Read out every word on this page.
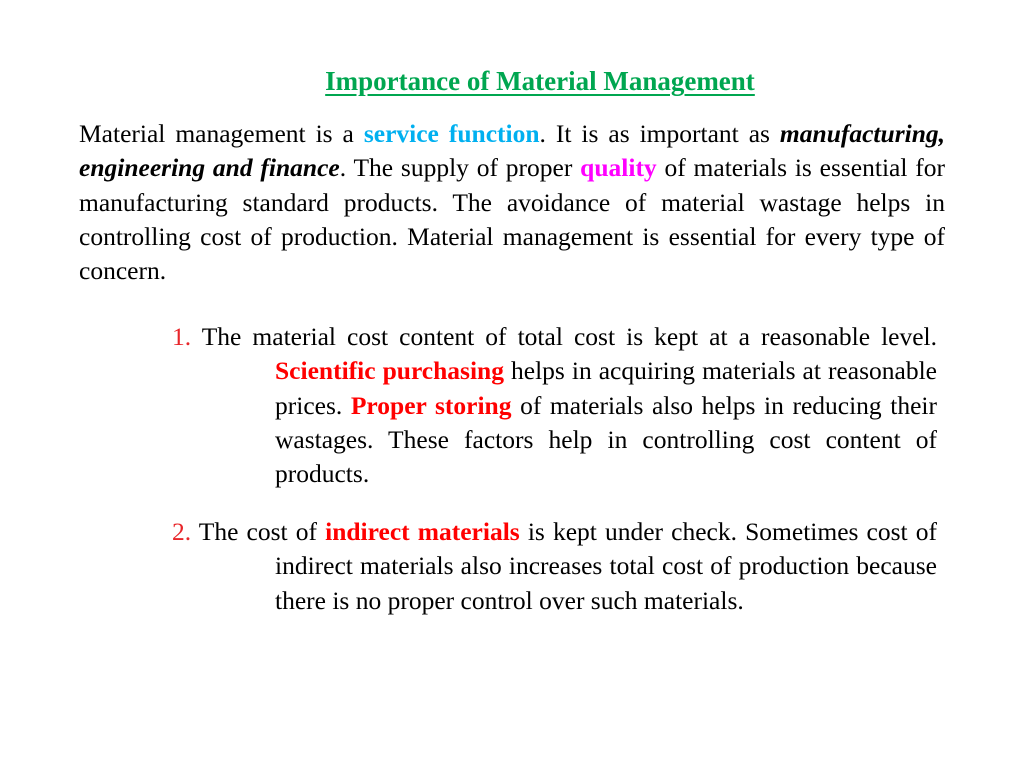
Importance of Material Management
Material management is a service function. It is as important as manufacturing, engineering and finance. The supply of proper quality of materials is essential for manufacturing standard products. The avoidance of material wastage helps in controlling cost of production. Material management is essential for every type of concern.
1. The material cost content of total cost is kept at a reasonable level. Scientific purchasing helps in acquiring materials at reasonable prices. Proper storing of materials also helps in reducing their wastages. These factors help in controlling cost content of products.
2. The cost of indirect materials is kept under check. Sometimes cost of indirect materials also increases total cost of production because there is no proper control over such materials.
